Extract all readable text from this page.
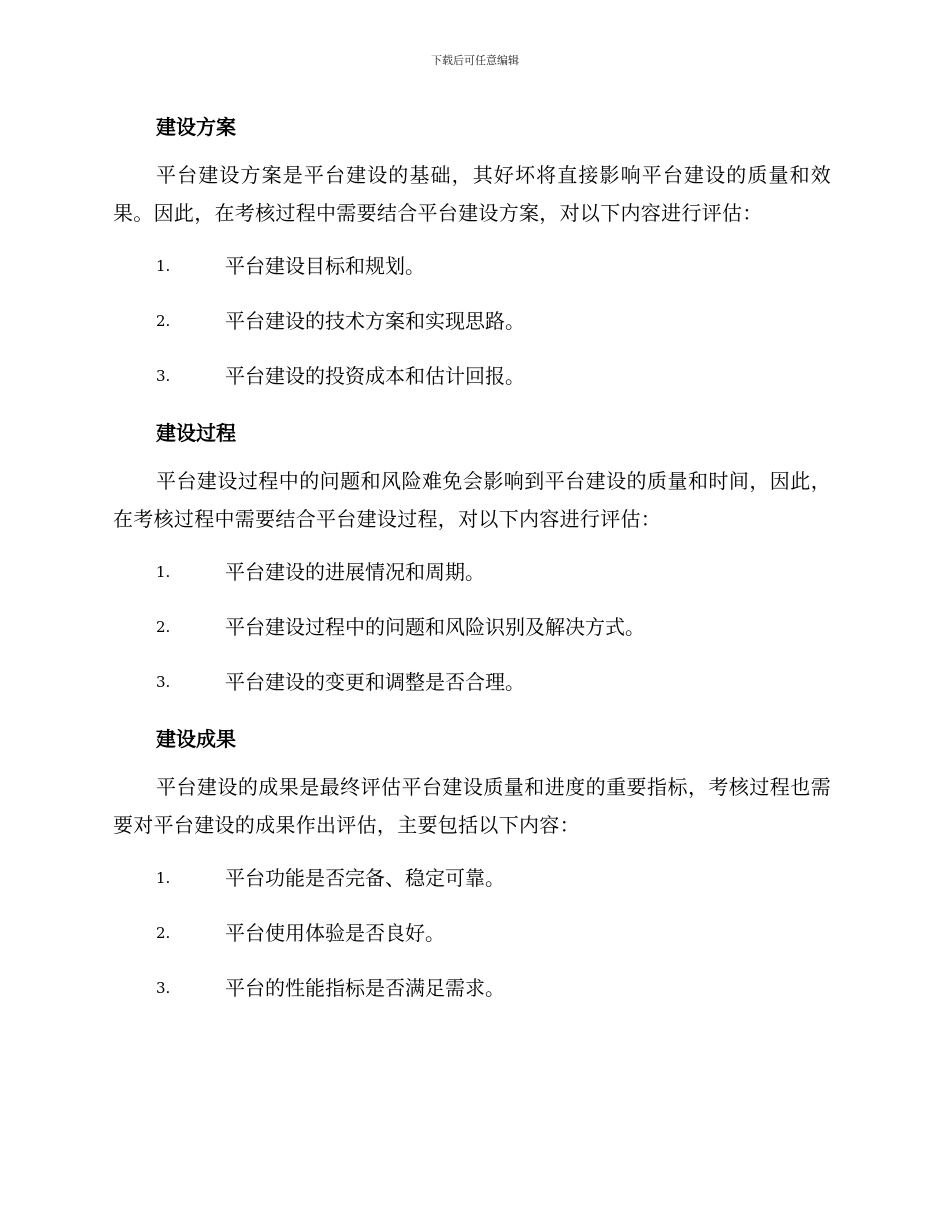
下载后可任意编辑
建设方案

平台建设方案是平台建设的基础，其好坏将直接影响平台建设的质量和效果。因此，在考核过程中需要结合平台建设方案，对以下内容进行评估：

1.	平台建设目标和规划。
2.	平台建设的技术方案和实现思路。
3.	平台建设的投资成本和估计回报。
建设过程

平台建设过程中的问题和风险难免会影响到平台建设的质量和时间，因此，在考核过程中需要结合平台建设过程，对以下内容进行评估：

1.	平台建设的进展情况和周期。
2.	平台建设过程中的问题和风险识别及解决方式。
3.	平台建设的变更和调整是否合理。
建设成果

平台建设的成果是最终评估平台建设质量和进度的重要指标，考核过程也需要对平台建设的成果作出评估，主要包括以下内容：

1.	平台功能是否完备、稳定可靠。
2.	平台使用体验是否良好。
3.	平台的性能指标是否满足需求。
